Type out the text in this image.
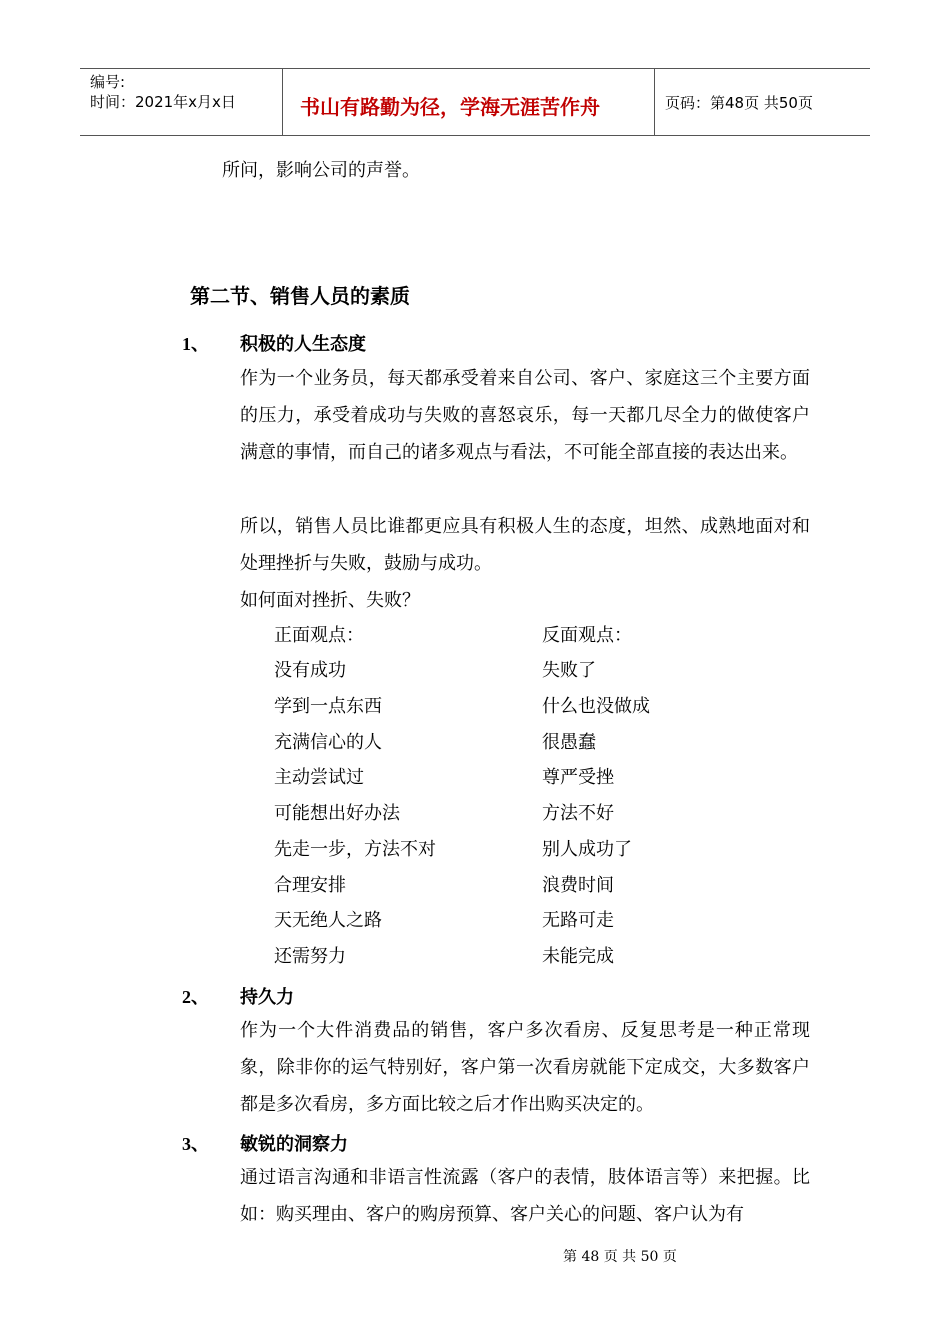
编号:
时间：2021年x月x日	书山有路勤为径，学海无涯苦作舟	页码：第48页 共50页
所问，影响公司的声誉。
第二节、销售人员的素质
1、 积极的人生态度
作为一个业务员，每天都承受着来自公司、客户、家庭这三个主要方面的压力，承受着成功与失败的喜怒哀乐，每一天都几尽全力的做使客户满意的事情，而自己的诸多观点与看法，不可能全部直接的表达出来。
所以，销售人员比谁都更应具有积极人生的态度，坦然、成熟地面对和处理挫折与失败，鼓励与成功。
如何面对挫折、失败？
正面观点：	反面观点：
没有成功	失败了
学到一点东西	什么也没做成
充满信心的人	很愚蠢
主动尝试过	尊严受挫
可能想出好办法	方法不好
先走一步，方法不对	别人成功了
合理安排	浪费时间
天无绝人之路	无路可走
还需努力	未能完成
2、 持久力
作为一个大件消费品的销售，客户多次看房、反复思考是一种正常现象，除非你的运气特别好，客户第一次看房就能下定成交，大多数客户都是多次看房，多方面比较之后才作出购买决定的。
3、 敏锐的洞察力
通过语言沟通和非语言性流露（客户的表情，肢体语言等）来把握。比如：购买理由、客户的购房预算、客户关心的问题、客户认为有
第 48 页 共 50 页
